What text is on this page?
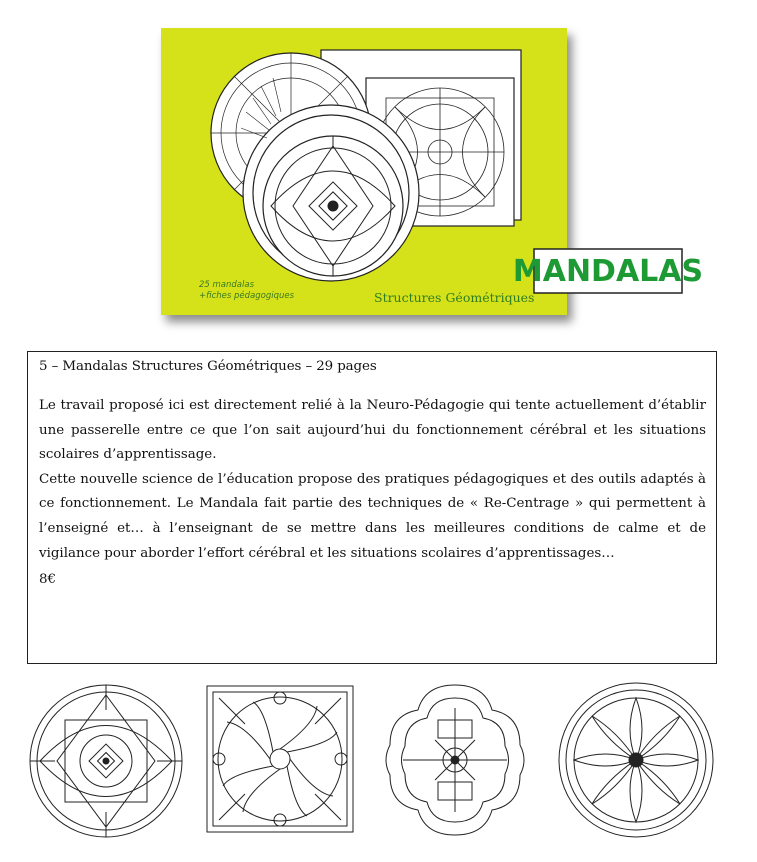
MANDALAS
25 mandalas
+fiches pédagogiques	Structures Géométriques
5 – Mandalas Structures Géométriques – 29 pages

Le travail proposé ici est directement relié à la Neuro-Pédagogie qui tente actuellement d’établir une passerelle entre ce que l’on sait aujourd’hui du fonctionnement cérébral et les situations scolaires d’apprentissage.

Cette nouvelle science de l’éducation propose des pratiques pédagogiques et des outils adaptés à ce fonctionnement. Le Mandala fait partie des techniques de « Re-Centrage » qui permettent à l’enseigné et… à l’enseignant de se mettre dans les meilleures conditions de calme et de vigilance pour aborder l’effort cérébral et les situations scolaires d’apprentissages…

8€
